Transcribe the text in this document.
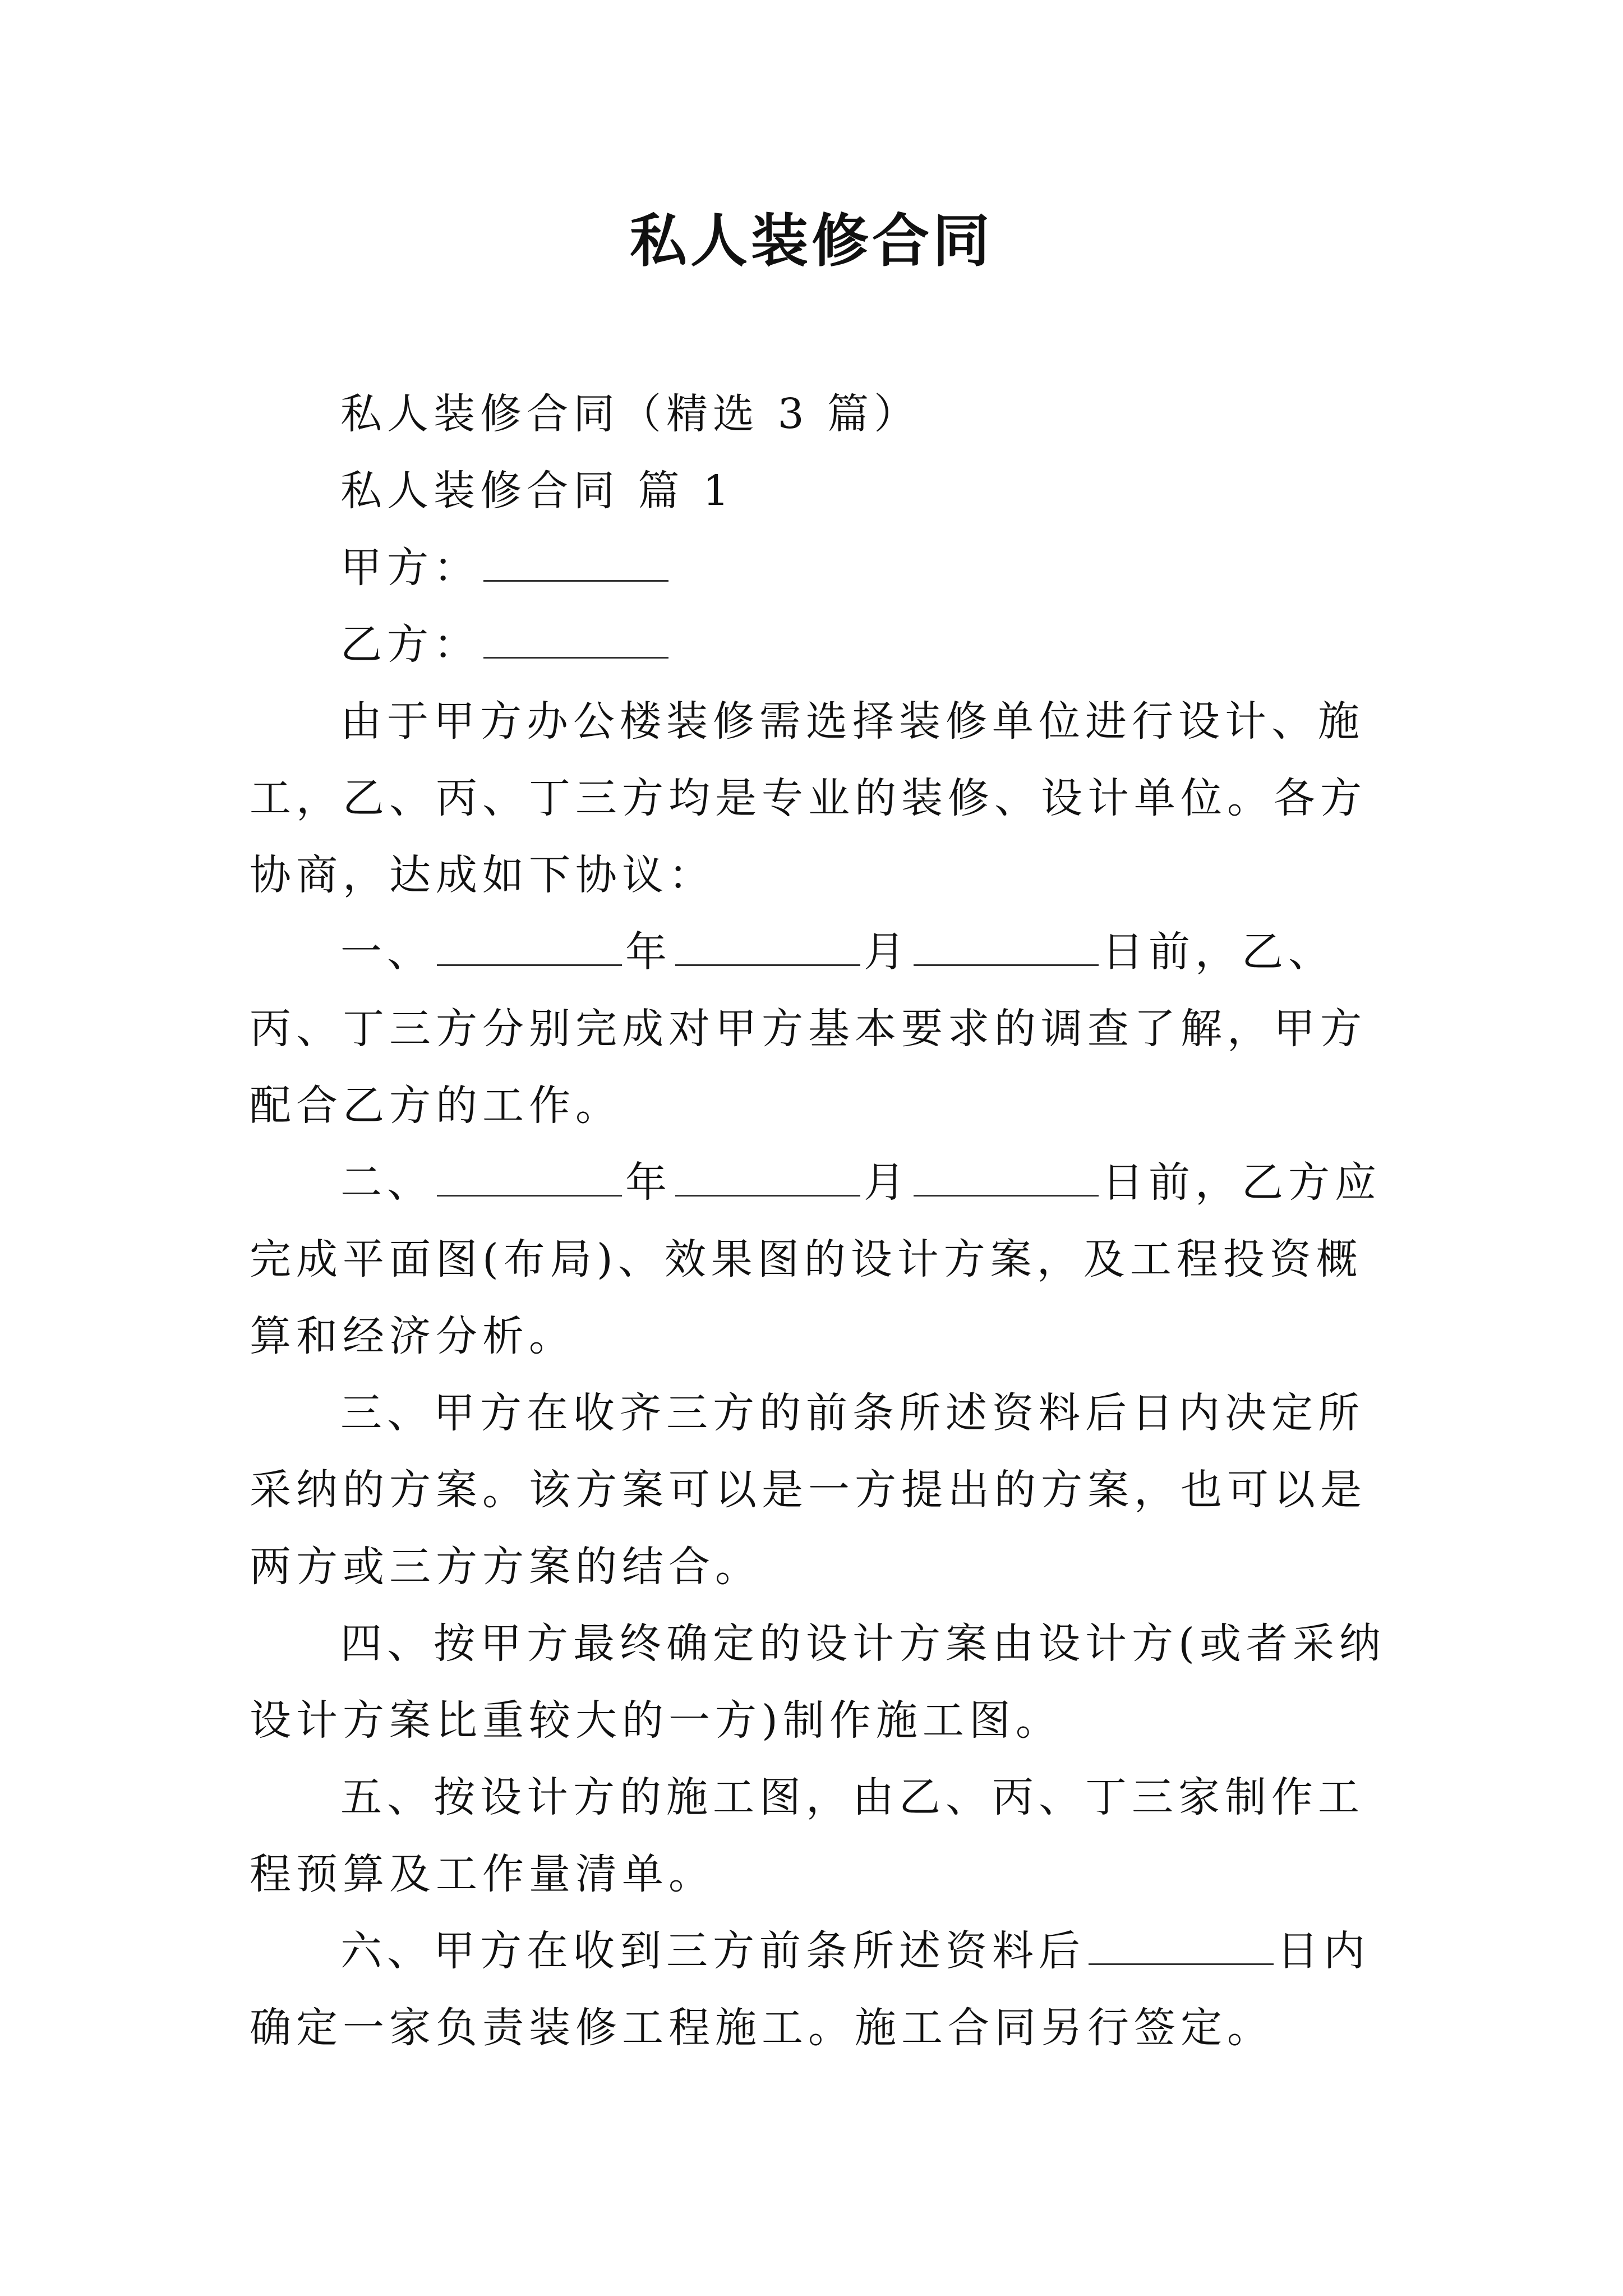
私人装修合同

私人装修合同（精选 3 篇）

私人装修合同 篇 1

甲方：

乙方：

由于甲方办公楼装修需选择装修单位进行设计、施工，乙、丙、丁三方均是专业的装修、设计单位。各方协商，达成如下协议：

一、	年	月	日前，乙、丙、丁三方分别完成对甲方基本要求的调查了解，甲方配合乙方的工作。

二、	年	月	日前，乙方应完成平面图(布局)、效果图的设计方案，及工程投资概算和经济分析。

三、甲方在收齐三方的前条所述资料后日内决定所采纳的方案。该方案可以是一方提出的方案，也可以是两方或三方方案的结合。

四、按甲方最终确定的设计方案由设计方(或者采纳设计方案比重较大的一方)制作施工图。

五、按设计方的施工图，由乙、丙、丁三家制作工程预算及工作量清单。

六、甲方在收到三方前条所述资料后	日内确定一家负责装修工程施工。施工合同另行签定。
